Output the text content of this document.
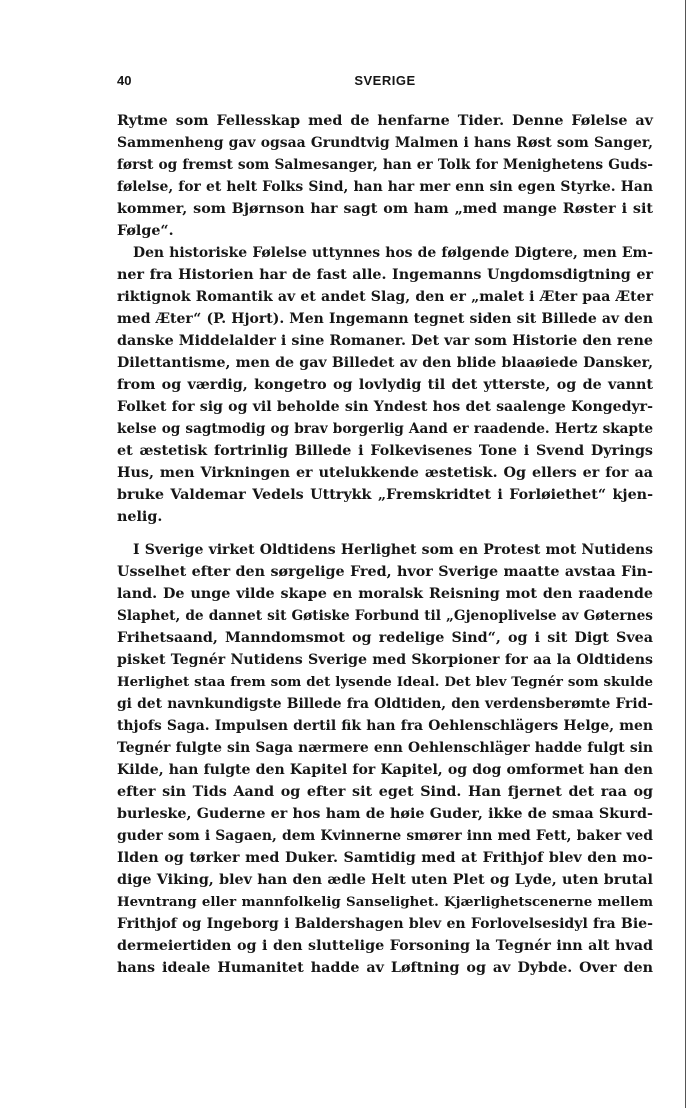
40	SVERIGE
Rytme som Fellesskap med de henfarne Tider. Denne Følelse av
Sammenheng gav ogsaa Grundtvig Malmen i hans Røst som Sanger,
først og fremst som Salmesanger, han er Tolk for Menighetens Guds-
følelse, for et helt Folks Sind, han har mer enn sin egen Styrke. Han
kommer, som Bjørnson har sagt om ham „med mange Røster i sit
Følge“.
Den historiske Følelse uttynnes hos de følgende Digtere, men Em-
ner fra Historien har de fast alle. Ingemanns Ungdomsdigtning er
riktignok Romantik av et andet Slag, den er „malet i Æter paa Æter
med Æter“ (P. Hjort). Men Ingemann tegnet siden sit Billede av den
danske Middelalder i sine Romaner. Det var som Historie den rene
Dilettantisme, men de gav Billedet av den blide blaaøiede Dansker,
from og værdig, kongetro og lovlydig til det ytterste, og de vannt
Folket for sig og vil beholde sin Yndest hos det saalenge Kongedyr-
kelse og sagtmodig og brav borgerlig Aand er raadende. Hertz skapte
et æstetisk fortrinlig Billede i Folkevisenes Tone i Svend Dyrings
Hus, men Virkningen er utelukkende æstetisk. Og ellers er for aa
bruke Valdemar Vedels Uttrykk „Fremskridtet i Forløiethet“ kjen-
nelig.
I Sverige virket Oldtidens Herlighet som en Protest mot Nutidens
Usselhet efter den sørgelige Fred, hvor Sverige maatte avstaa Fin-
land. De unge vilde skape en moralsk Reisning mot den raadende
Slaphet, de dannet sit Gøtiske Forbund til „Gjenoplivelse av Gøternes
Frihetsaand, Manndomsmot og redelige Sind“, og i sit Digt Svea
pisket Tegnér Nutidens Sverige med Skorpioner for aa la Oldtidens
Herlighet staa frem som det lysende Ideal. Det blev Tegnér som skulde
gi det navnkundigste Billede fra Oldtiden, den verdensberømte Frid-
thjofs Saga. Impulsen dertil fik han fra Oehlenschlägers Helge, men
Tegnér fulgte sin Saga nærmere enn Oehlenschläger hadde fulgt sin
Kilde, han fulgte den Kapitel for Kapitel, og dog omformet han den
efter sin Tids Aand og efter sit eget Sind. Han fjernet det raa og
burleske, Guderne er hos ham de høie Guder, ikke de smaa Skurd-
guder som i Sagaen, dem Kvinnerne smører inn med Fett, baker ved
Ilden og tørker med Duker. Samtidig med at Frithjof blev den mo-
dige Viking, blev han den ædle Helt uten Plet og Lyde, uten brutal
Hevntrang eller mannfolkelig Sanselighet. Kjærlighetscenerne mellem
Frithjof og Ingeborg i Baldershagen blev en Forlovelsesidyl fra Bie-
dermeiertiden og i den sluttelige Forsoning la Tegnér inn alt hvad
hans ideale Humanitet hadde av Løftning og av Dybde. Over den
